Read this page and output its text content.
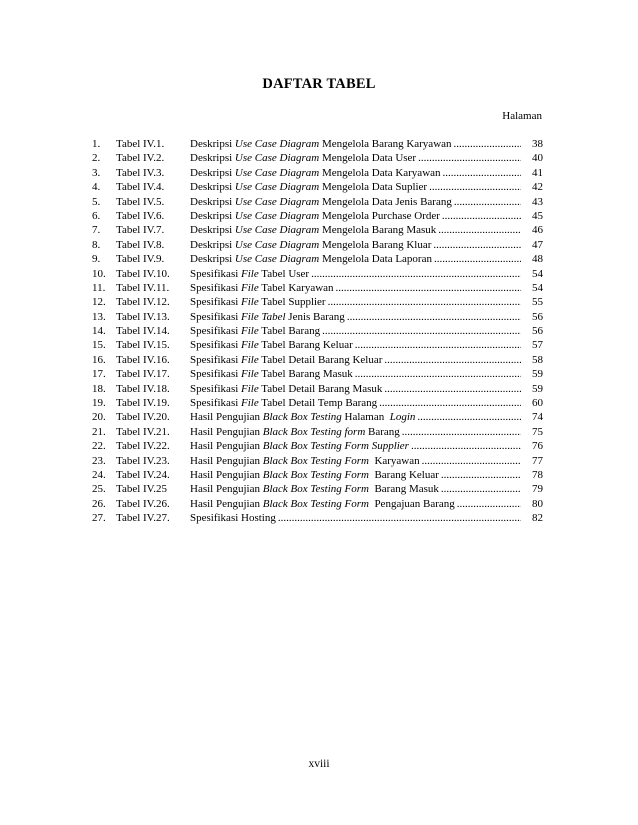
DAFTAR TABEL
Halaman
1.	Tabel IV.1.	Deskripsi Use Case Diagram Mengelola Barang Karyawan .....	38
2.	Tabel IV.2.	Deskripsi Use Case Diagram Mengelola Data User .....	40
3.	Tabel IV.3.	Deskripsi Use Case Diagram Mengelola Data Karyawan .....	41
4.	Tabel IV.4.	Deskripsi Use Case Diagram Mengelola Data Suplier .....	42
5.	Tabel IV.5.	Deskripsi Use Case Diagram Mengelola Data Jenis Barang .....	43
6.	Tabel IV.6.	Deskripsi Use Case Diagram Mengelola Purchase Order .....	45
7.	Tabel IV.7.	Deskripsi Use Case Diagram Mengelola Barang Masuk .....	46
8.	Tabel IV.8.	Deskripsi Use Case Diagram Mengelola Barang Kluar .....	47
9.	Tabel IV.9.	Deskripsi Use Case Diagram Mengelola Data Laporan .....	48
10. Tabel IV.10.	Spesifikasi File Tabel User .....	54
11. Tabel IV.11.	Spesifikasi File Tabel Karyawan .....	54
12. Tabel IV.12.	Spesifikasi File Tabel Supplier .....	55
13. Tabel IV.13.	Spesifikasi File Tabel Jenis Barang .....	56
14. Tabel IV.14.	Spesifikasi File Tabel Barang .....	56
15. Tabel IV.15.	Spesifikasi File Tabel Barang Keluar .....	57
16. Tabel IV.16.	Spesifikasi File Tabel Detail Barang Keluar .....	58
17. Tabel IV.17.	Spesifikasi File Tabel Barang Masuk .....	59
18. Tabel IV.18.	Spesifikasi File Tabel Detail Barang Masuk .....	59
19. Tabel IV.19.	Spesifikasi File Tabel Detail Temp Barang .....	60
20. Tabel IV.20.	Hasil Pengujian Black Box Testing Halaman  Login .....	74
21. Tabel IV.21.	Hasil Pengujian Black Box Testing form Barang .....	75
22. Tabel IV.22.	Hasil Pengujian Black Box Testing Form Supplier .....	76
23. Tabel IV.23.	Hasil Pengujian Black Box Testing Form  Karyawan .....	77
24. Tabel IV.24.	Hasil Pengujian Black Box Testing Form  Barang Keluar .....	78
25. Tabel IV.25	Hasil Pengujian Black Box Testing Form  Barang Masuk .....	79
26. Tabel IV.26.	Hasil Pengujian Black Box Testing Form  Pengajuan Barang .....	80
27. Tabel IV.27.	Spesifikasi Hosting .....	82
xviii
